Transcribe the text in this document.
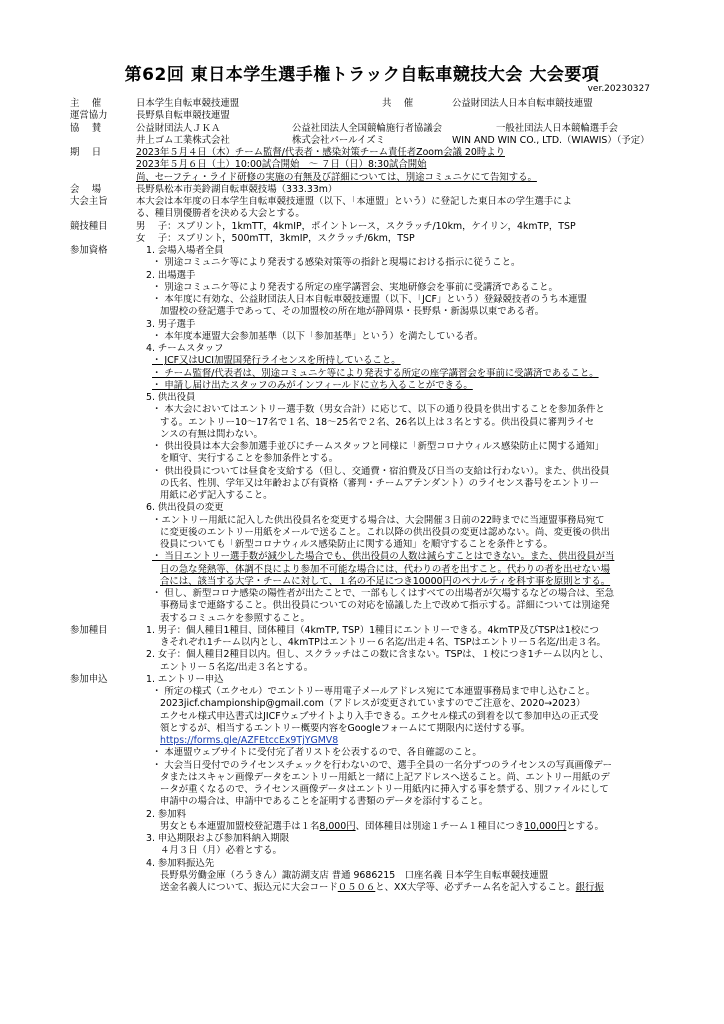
第62回 東日本学生選手権トラック自転車競技大会 大会要項
ver.20230327
主　 催	日本学生自転車競技連盟	共　 催	公益財団法人日本自転車競技連盟
運営協力	長野県自転車競技連盟
協　 賛	公益財団法人ＪＫＡ	公益社団法人全国競輪施行者協議会	一般社団法人日本競輪選手会
井上ゴム工業株式会社	株式会社パールイズミ	WIN AND WIN CO., LTD.（WIAWIS）（予定）
期　 日	2023年５月４日（木） チーム監督/代表者・感染対策チーム責任者Zoom会議 20時より
2023年５月６日（土） 10:00試合開始　～ ７日（日） 8:30試合開始
尚、セーフティ・ライド研修の実施の有無及び詳細については、別途コミュニケにて告知する。
会　 場	長野県松本市美鈴湖自転車競技場（333.33m）
大会主旨	本大会は本年度の日本学生自転車競技連盟（以下、「本連盟」という）に登記した東日本の学生選手によ
る、種目別優勝者を決める大会とする。
競技種目	男　 子：スプリント，1kmTT，4kmIP，ポイントレース，スクラッチ/10km，ケイリン，4kmTP，TSP
女　 子：スプリント，500mTT，3kmIP，スクラッチ/6km，TSP
参加資格	1. 会場入場者全員
・ 別途コミュニケ等により発表する感染対策等の指針と現場における指示に従うこと。
2. 出場選手
・ 別途コミュニケ等により発表する所定の座学講習会、実地研修会を事前に受講済であること。
・ 本年度に有効な、公益財団法人日本自転車競技連盟（以下、「JCF」という）登録競技者のうち本連盟
加盟校の登記選手であって、その加盟校の所在地が静岡県・長野県・新潟県以東である者。
3. 男子選手
・ 本年度本連盟大会参加基準（以下「参加基準」という）を満たしている者。
4. チームスタッフ
・ JCF又はUCI加盟国発行ライセンスを所持していること。
・ チーム監督/代表者は、別途コミュニケ等により発表する所定の座学講習会を事前に受講済であること。
・ 申請し届け出たスタッフのみがインフィールドに立ち入ることができる。
5. 供出役員
・ 本大会においてはエントリー選手数（男女合計）に応じて、以下の通り役員を供出することを参加条件と
する。エントリー10～17名で１名、18～25名で２名、26名以上は３名とする。供出役員に審判ライセ
ンスの有無は問わない。
・ 供出役員は本大会参加選手並びにチームスタッフと同様に「新型コロナウィルス感染防止に関する通知」
を順守、実行することを参加条件とする。
・ 供出役員については昼食を支給する（但し、交通費・宿泊費及び日当の支給は行わない）。また、供出役員
の氏名、性別、学年又は年齢および有資格（審判・チームアテンダント）のライセンス番号をエントリー
用紙に必ず記入すること。
6. 供出役員の変更
・エントリー用紙に記入した供出役員名を変更する場合は、大会開催３日前の22時までに当連盟事務局宛て
に変更後のエントリー用紙をメールで送ること。これ以降の供出役員の変更は認めない。尚、変更後の供出
役員についても「新型コロナウィルス感染防止に関する通知」を順守することを条件とする。
・ 当日エントリー選手数が減少した場合でも、供出役員の人数は減らすことはできない。また、供出役員が当
日の急な発熱等、体調不良により参加不可能な場合には、代わりの者を出すこと。代わりの者を出せない場
合には、該当する大学・チームに対して、１名の不足につき10000円のペナルティを科す事を原則とする。
・ 但し、新型コロナ感染の陽性者が出たことで、一部もしくはすべての出場者が欠場するなどの場合は、至急
事務局まで連絡すること。供出役員についての対応を協議した上で改めて指示する。詳細については別途発
表するコミュニケを参照すること。
参加種目	1. 男子：個人種目1種目、団体種目（4kmTP, TSP）1種目にエントリーできる。4kmTP及びTSPは1校につ
きそれぞれ1チーム以内とし、4kmTPはエントリー６名迄/出走４名、TSPはエントリー５名迄/出走３名。
2. 女子：個人種目2種目以内。但し、スクラッチはこの数に含まない。TSPは、１校につき1チーム以内とし、
エントリー５名迄/出走３名とする。
参加申込	1. エントリー申込
・ 所定の様式（エクセル）でエントリー専用電子メールアドレス宛にて本連盟事務局まで申し込むこと。
2023jicf.championship@gmail.com（アドレスが変更されていますのでご注意を、2020→2023）
エクセル様式申込書式はJICFウェブサイトより入手できる。エクセル様式の到着を以て参加申込の正式受
領とするが、相当するエントリー概要内容をGoogleフォームにて期限内に送付する事。
https://forms.gle/AZFEtccEx9TjYGMV8
・ 本連盟ウェブサイトに受付完了者リストを公表するので、各自確認のこと。
・ 大会当日受付でのライセンスチェックを行わないので、選手全員の一名分ずつのライセンスの写真画像デー
タまたはスキャン画像データをエントリー用紙と一緒に上記アドレスへ送ること。尚、エントリー用紙のデ
ータが重くなるので、ライセンス画像データはエントリー用紙内に挿入する事を禁ずる、別ファイルにして
申請中の場合は、申請中であることを証明する書類のデータを添付すること。
2. 参加料
男女とも本連盟加盟校登記選手は１名8,000円、団体種目は別途１チーム１種目につき10,000円とする。
3. 申込期限および参加料納入期限
４月３日（月）必着とする。
4. 参加料振込先
長野県労働金庫（ろうきん）諏訪湖支店 普通 9686215　口座名義 日本学生自転車競技連盟
送金名義人について、振込元に大会コード０５０６と、XX大学等、必ずチーム名を記入すること。銀行振
